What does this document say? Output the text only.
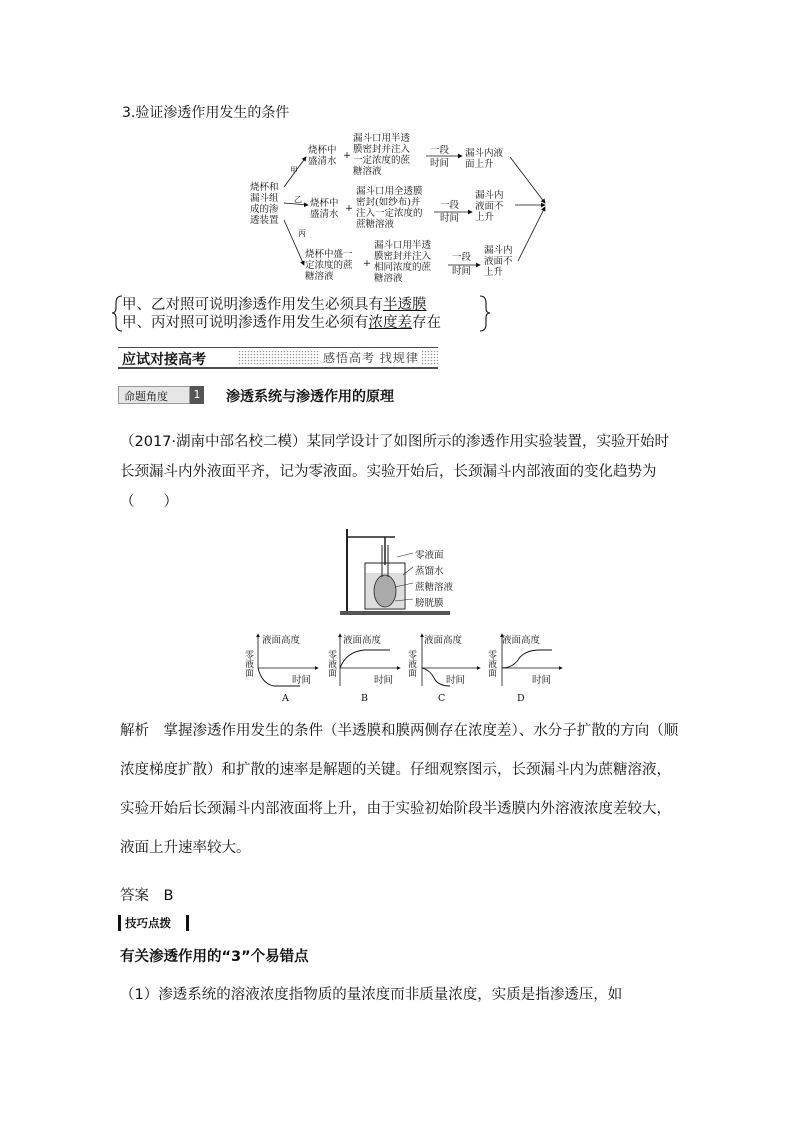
3.验证渗透作用发生的条件
烧杯和
漏斗组
成的渗
透装置
甲
乙
丙
烧杯中
盛清水
+
漏斗口用半透
膜密封并注入
一定浓度的蔗
糖溶液
一段
时间
漏斗内液
面上升
烧杯中
盛清水
+
漏斗口用全透膜
密封(如纱布)并
注入一定浓度的
蔗糖溶液
一段
时间
漏斗内
液面不
上升
烧杯中盛一
定浓度的蔗
糖溶液
+
漏斗口用半透
膜密封并注入
相同浓度的蔗
糖溶液
一段
时间
漏斗内
液面不
上升
甲、乙对照可说明渗透作用发生必须具有半透膜
甲、丙对照可说明渗透作用发生必须有浓度差存在
应试对接高考	感悟高考 找规律
命题角度	1 渗透系统与渗透作用的原理
（2017·湖南中部名校二模）某同学设计了如图所示的渗透作用实验装置，实验开始时长颈漏斗内外液面平齐，记为零液面。实验开始后，长颈漏斗内部液面的变化趋势为（　　）
零液面
蒸馏水
蔗糖溶液
膀胱膜
液面高度
时间
零液面
A
液面高度
时间
零液面
B
液面高度
时间
零液面
C
液面高度
时间
零液面
D
解析　掌握渗透作用发生的条件（半透膜和膜两侧存在浓度差）、水分子扩散的方向（顺浓度梯度扩散）和扩散的速率是解题的关键。仔细观察图示，长颈漏斗内为蔗糖溶液，实验开始后长颈漏斗内部液面将上升，由于实验初始阶段半透膜内外溶液浓度差较大，液面上升速率较大。
答案　B
技巧点拨
有关渗透作用的“3”个易错点
（1）渗透系统的溶液浓度指物质的量浓度而非质量浓度，实质是指渗透压，如
